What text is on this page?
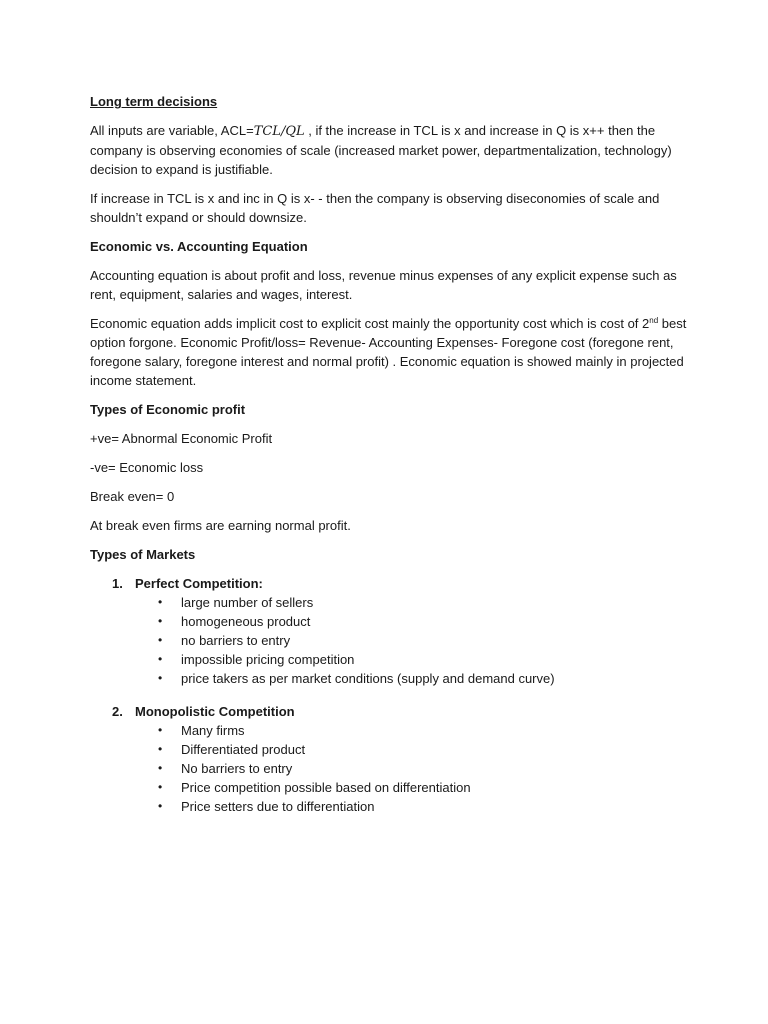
Long term decisions

All inputs are variable, ACL=TCL/QL , if the increase in TCL is x and increase in Q is x++ then the company is observing economies of scale (increased market power, departmentalization, technology) decision to expand is justifiable.

If increase in TCL is x and inc in Q is x- - then the company is observing diseconomies of scale and shouldn’t expand or should downsize.

Economic vs. Accounting Equation

Accounting equation is about profit and loss, revenue minus expenses of any explicit expense such as rent, equipment, salaries and wages, interest.

Economic equation adds implicit cost to explicit cost mainly the opportunity cost which is cost of 2nd best option forgone. Economic Profit/loss= Revenue- Accounting Expenses- Foregone cost (foregone rent, foregone salary, foregone interest and normal profit) . Economic equation is showed mainly in projected income statement.

Types of Economic profit

+ve= Abnormal Economic Profit

-ve= Economic loss

Break even= 0

At break even firms are earning normal profit.

Types of Markets
1. Perfect Competition:
• large number of sellers
• homogeneous product
• no barriers to entry
• impossible pricing competition
• price takers as per market conditions (supply and demand curve)
2. Monopolistic Competition
• Many firms
• Differentiated product
• No barriers to entry
• Price competition possible based on differentiation
• Price setters due to differentiation
